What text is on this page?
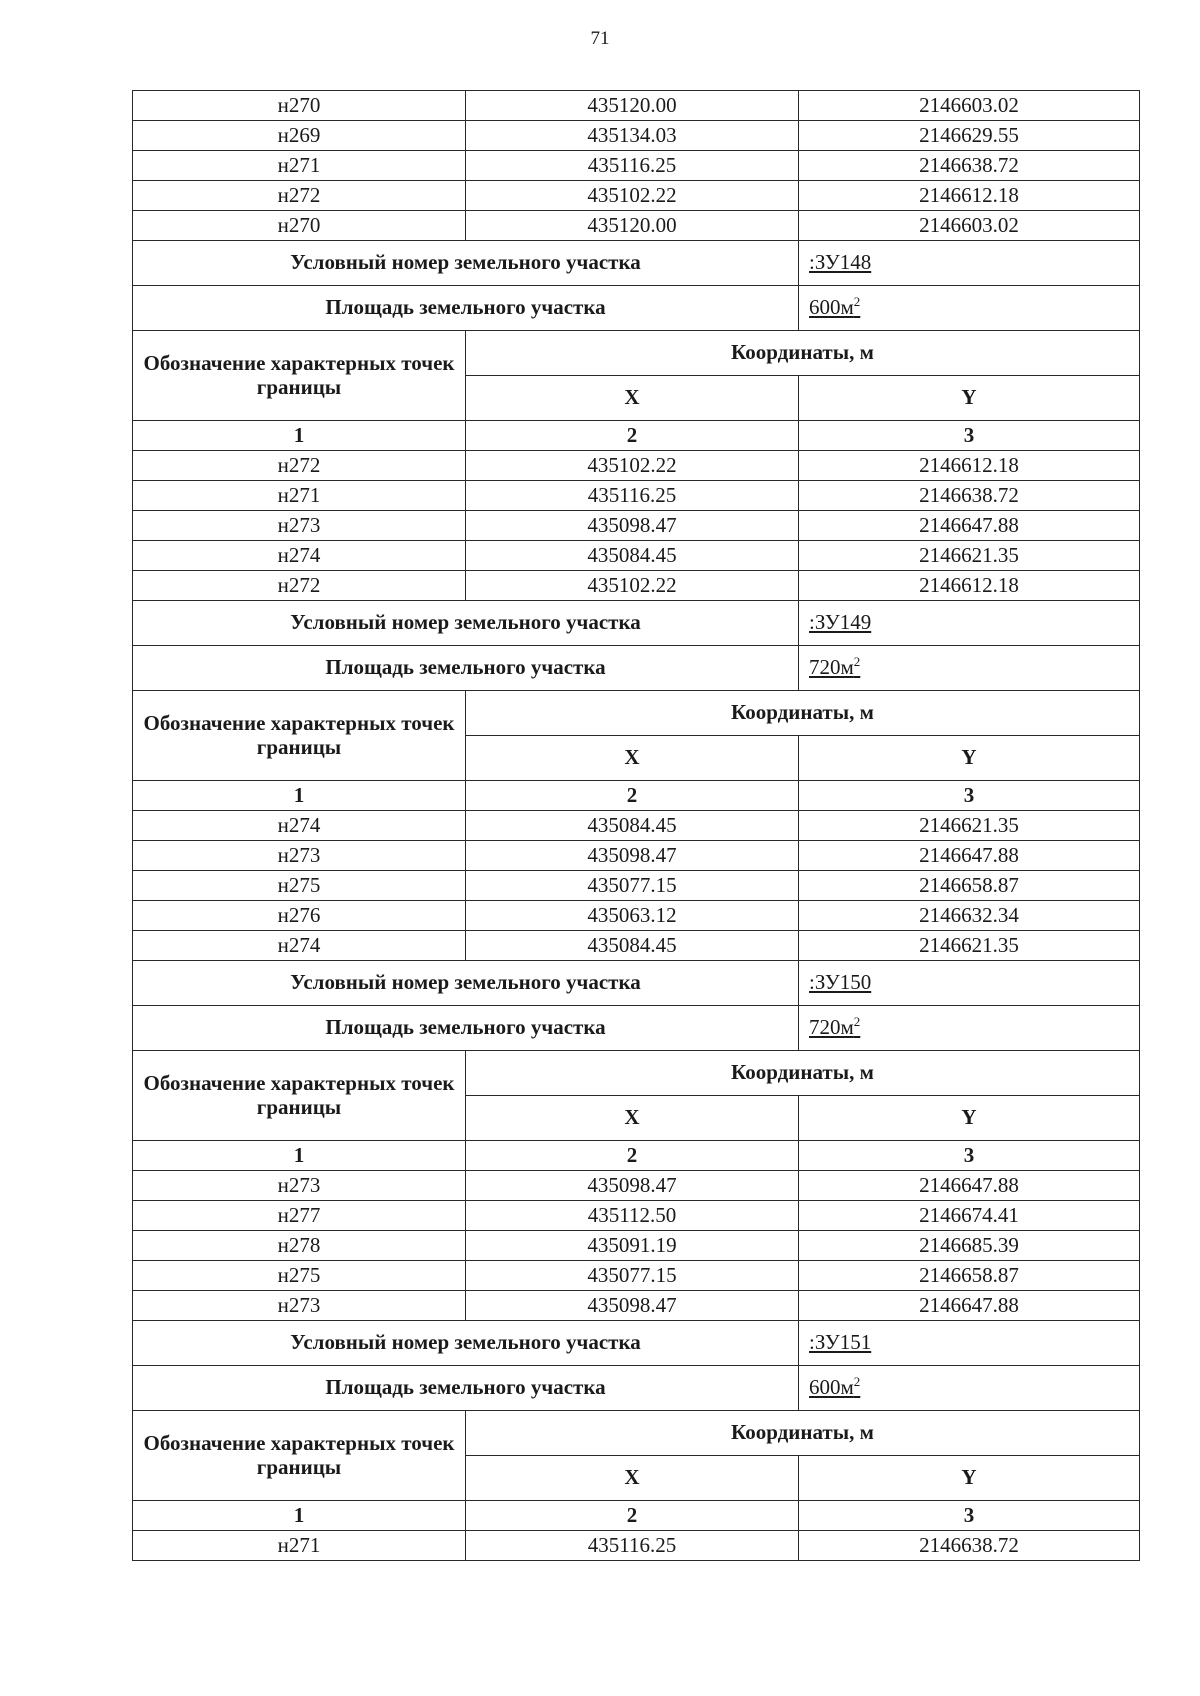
71
н270	435120.00	2146603.02
н269	435134.03	2146629.55
н271	435116.25	2146638.72
н272	435102.22	2146612.18
н270	435120.00	2146603.02
Условный номер земельного участка		:ЗУ148
Площадь земельного участка		$600м^2$
Обозначение характерных точек границы	Координаты, м	
	X	Y
1	2	3
н272	435102.22	2146612.18
н271	435116.25	2146638.72
н273	435098.47	2146647.88
н274	435084.45	2146621.35
н272	435102.22	2146612.18
Условный номер земельного участка		:ЗУ149
Площадь земельного участка		$720м^2$
Обозначение характерных точек границы	Координаты, м	
	X	Y
1	2	3
н274	435084.45	2146621.35
н273	435098.47	2146647.88
н275	435077.15	2146658.87
н276	435063.12	2146632.34
н274	435084.45	2146621.35
Условный номер земельного участка		:ЗУ150
Площадь земельного участка		$720м^2$
Обозначение характерных точек границы	Координаты, м	
	X	Y
1	2	3
н273	435098.47	2146647.88
н277	435112.50	2146674.41
н278	435091.19	2146685.39
н275	435077.15	2146658.87
н273	435098.47	2146647.88
Условный номер земельного участка		:ЗУ151
Площадь земельного участка		$600м^2$
Обозначение характерных точек границы	Координаты, м	
	X	Y
1	2	3
н271	435116.25	2146638.72
